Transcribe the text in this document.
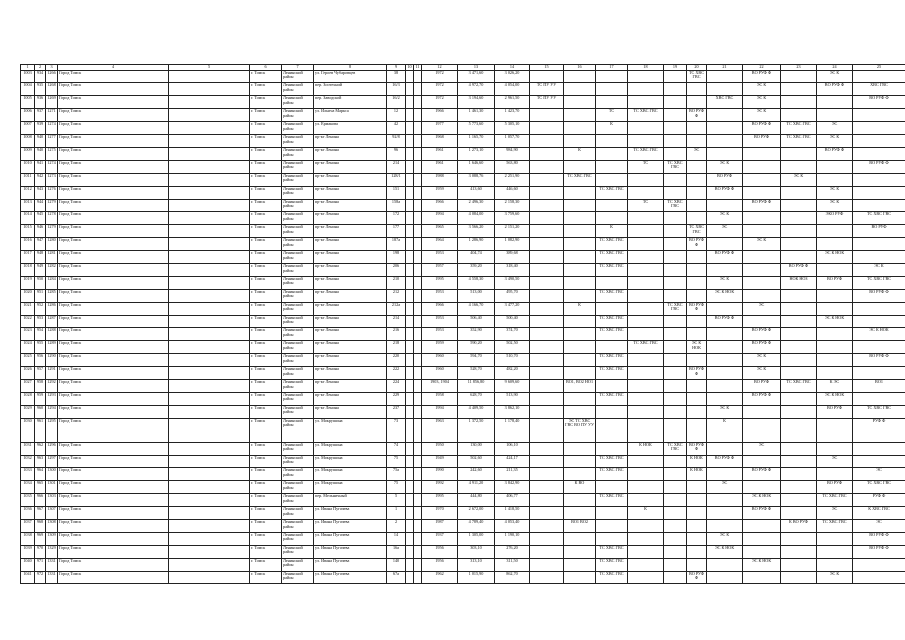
1	2	3	4	5	6	7	8	9	10	11	12	13	14	15	16	17	18	19	20	21	22	23	24	25
1003	934	1266	Город Томск		г. Томск	Ленинский район	ул. Героев Чубаровцев	38			1972	3 471,60	3 026,20						ТС ХВС ГВС		ВО РУФ Ф		ЭС К	
1004	935	1268	Город Томск		г. Томск	Ленинский район	пер. Зоотехний	16/3			1972	4 972,70	4 054,00	ТС ПУ УУ							ЭС К		ВО РУФ Ф	ХВС ГВС
1005	936	1269	Город Томск		г. Томск	Ленинский район	пер. Заводской	16/2			1972	3 194,60	2 961,50	ТС ПУ УУ						ХВС ГВС	ЭС К			ВО РУФ Ф
1006	937	1271	Город Томск		г. Томск	Ленинский район	ул. Ильича Маркса	12			1966	1 461,30	1 423,70			ТС	ТС ХВС ГВС		ВО РУФ Ф		ЭС К			
1007	939	1274	Город Томск		г. Томск	Ленинский район	ул. Ермакова	42			1977	5 773,60	5 305,10			К					ВО РУФ Ф	ТС ХВС ГВС	ЭС	
1008	940	1277	Город Томск		г. Томск	Ленинский район	пр-кт Ленина	92/8			1968	1 165,70	1 057,70								ВО РУФ	ТС ХВС ГВС	ЭС К	
1009	940	1275	Город Томск		г. Томск	Ленинский район	пр-кт Ленина	96			1961	1 273,10	984,90		К		ТС ХВС ГВС		ЭС				ВО РУФ Ф	
1010	941	1274	Город Томск		г. Томск	Ленинский район	пр-кт Ленина	214			1961	1 646,60	563,80				ТС	ТС ХВС ГВС		ЭС К				ВО РУФ Ф
1011	942	1273	Город Томск		г. Томск	Ленинский район	пр-кт Ленина	128/1			1988	3 088,76	2 251,90		ТС ХВС ГВС					ВО РУФ		ЭС К		
1012	943	1276	Город Томск		г. Томск	Ленинский район	пр-кт Ленина	151			1959	413,60	446,60			ТС ХВС ГВС				ВО РУФ Ф			ЭС К	
1013	944	1279	Город Томск		г. Томск	Ленинский район	пр-кт Ленина	158а			1966	2 496,30	2 158,30				ТС	ТС ХВС ГВС			ВО РУФ Ф		ЭС К	
1014	945	1278	Город Томск		г. Томск	Ленинский район	пр-кт Ленина	172			1994	4 084,00	3 759,60							ЭС К			ЭКО РУФ	ТС ХВС ГВС
1015	946	1279	Город Томск		г. Томск	Ленинский район	пр-кт Ленина	177			1965	3 566,20	2 151,20			К			ТС ХВС ГВС	ЭС				ВО РУФ
1016	947	1280	Город Томск		г. Томск	Ленинский район	пр-кт Ленина	187а			1964	1 286,90	1 082,90			ТС ХВС ГВС			ВО РУФ Ф		ЭС К			
1017	948	1281	Город Томск		г. Томск	Ленинский район	пр-кт Ленина	198			1953	404,74	389,68			ТС ХВС ГВС				ВО РУФ Ф			ЭС К НОК	
1018	949	1282	Город Томск		г. Томск	Ленинский район	пр-кт Ленина	206			1957	359,20	318,40			ТС ХВС ГВС						ВО РУФ Ф		ЭС К
1019	950	1284	Город Томск		г. Томск	Ленинский район	пр-кт Ленина	210			1995	4 558,30	3 490,50							ЭС К		НОК НОЗ	ВО РУФ	ТС ХВС ГВС
1020	951	1285	Город Томск		г. Томск	Ленинский район	пр-кт Ленина	212			1953	513,00	495,70			ТС ХВС ГВС				ЭС К НОК				ВО РУФ Ф
1021	952	1286	Город Томск		г. Томск	Ленинский район	пр-кт Ленина	212а			1966	4 166,70	3 477,20		К			ТС ХВС ГВС	ВО РУФ Ф		ЭС			
1022	953	1287	Город Томск		г. Томск	Ленинский район	пр-кт Ленина	214			1953	506,40	500,40			ТС ХВС ГВС				ВО РУФ Ф			ЭС К НОК	
1023	954	1288	Город Томск		г. Томск	Ленинский район	пр-кт Ленина	216			1953	352,90	374,70			ТС ХВС ГВС					ВО РУФ Ф			ЭС К НОК
1024	955	1289	Город Томск		г. Томск	Ленинский район	пр-кт Ленина	218			1959	590,20	502,50				ТС ХВС ГВС		ЭС К НОК		ВО РУФ Ф			
1025	956	1290	Город Томск		г. Томск	Ленинский район	пр-кт Ленина	220			1960	594,70	510,70			ТС ХВС ГВС					ЭС К			ВО РУФ Ф
1026	957	1291	Город Томск		г. Томск	Ленинский район	пр-кт Ленина	222			1960	528,70	482,20			ТС ХВС ГВС			ВО РУФ Ф		ЭС К			
1027	958	1292	Город Томск		г. Томск	Ленинский район	пр-кт Ленина	224			1903, 1904	11 856,80	9 609,60		ВО1, ВО2 НО1						ВО РУФ	ТС ХВС ГВС	К ЭС	ВО1
1028	959	1293	Город Томск		г. Томск	Ленинский район	пр-кт Ленина	229			1958	628,70	513,90			ТС ХВС ГВС					ВО РУФ Ф		ЭС К НОК	
1029	960	1294	Город Томск		г. Томск	Ленинский район	пр-кт Ленина	237			1994	4 409,50	3 862,10							ЭС К			ВО РУФ	ТС ХВС ГВС
1030	961	1295	Город Томск		г. Томск	Ленинский район	ул. Мокрушина	73			1963	1 372,50	1 178,40		ЭС ТС ХВС ГВС ВО ПУ УУ					К				РУФ Ф
1031	962	1296	Город Томск		г. Томск	Ленинский район	ул. Мокрушина	74			1950	130,00	106,10				К НОК	ТС ХВС ГВС	ВО РУФ Ф		ЭС			
1032	963	1297	Город Томск		г. Томск	Ленинский район	ул. Мокрушина	75			1949	502,60	424,17			ТС ХВС ГВС			К НОК	ВО РУФ Ф			ЭС	
1033	964	1300	Город Томск		г. Томск	Ленинский район	ул. Мокрушина	75а			1990	242,60	211,35			ТС ХВС ГВС			К НОК		ВО РУФ Ф			ЭС
1034	965	1301	Город Томск		г. Томск	Ленинский район	ул. Мокрушина	75			1992	4 911,20	3 842,90		К ВО					ЭС			ВО РУФ	ТС ХВС ГВС
1035	966	1303	Город Томск		г. Томск	Ленинский район	пер. Мельничный	5			1995	444,80	406,77			ТС ХВС ГВС					ЭС К НОК		ТС ХВС ГВС	РУФ Ф
1036	967	1307	Город Томск		г. Томск	Ленинский район	ул. Ивана Пугачева	1			1970	2 672,00	1 418,50				К				ВО РУФ Ф		ЭС	К ХВС ГВС
1037	968	1308	Город Томск		г. Томск	Ленинский район	ул. Ивана Пугачева	2			1987	4 789,40	4 053,40		ВО1 ВО2							К ВО РУФ	ТС ХВС ГВС	ЭС
1038	969	1309	Город Томск		г. Томск	Ленинский район	ул. Ивана Пугачева	14			1937	1 305,00	1 190,10							ЭС К				ВО РУФ Ф
1039	970	1329	Город Томск		г. Томск	Ленинский район	ул. Ивана Пугачева	16а			1956	303,10	276,20			ТС ХВС ГВС				ЭС К НОК				ВО РУФ Ф
1040	971	1331	Город Томск		г. Томск	Ленинский район	ул. Ивана Пугачева	140			1956	313,10	311,50			ТС ХВС ГВС					ЭС К НОК			
1041	972	1331	Город Томск		г. Томск	Ленинский район	ул. Ивана Пугачева	67а			1962	1 015,90	862,70			ТС ХВС ГВС			ВО РУФ Ф				ЭС К	
